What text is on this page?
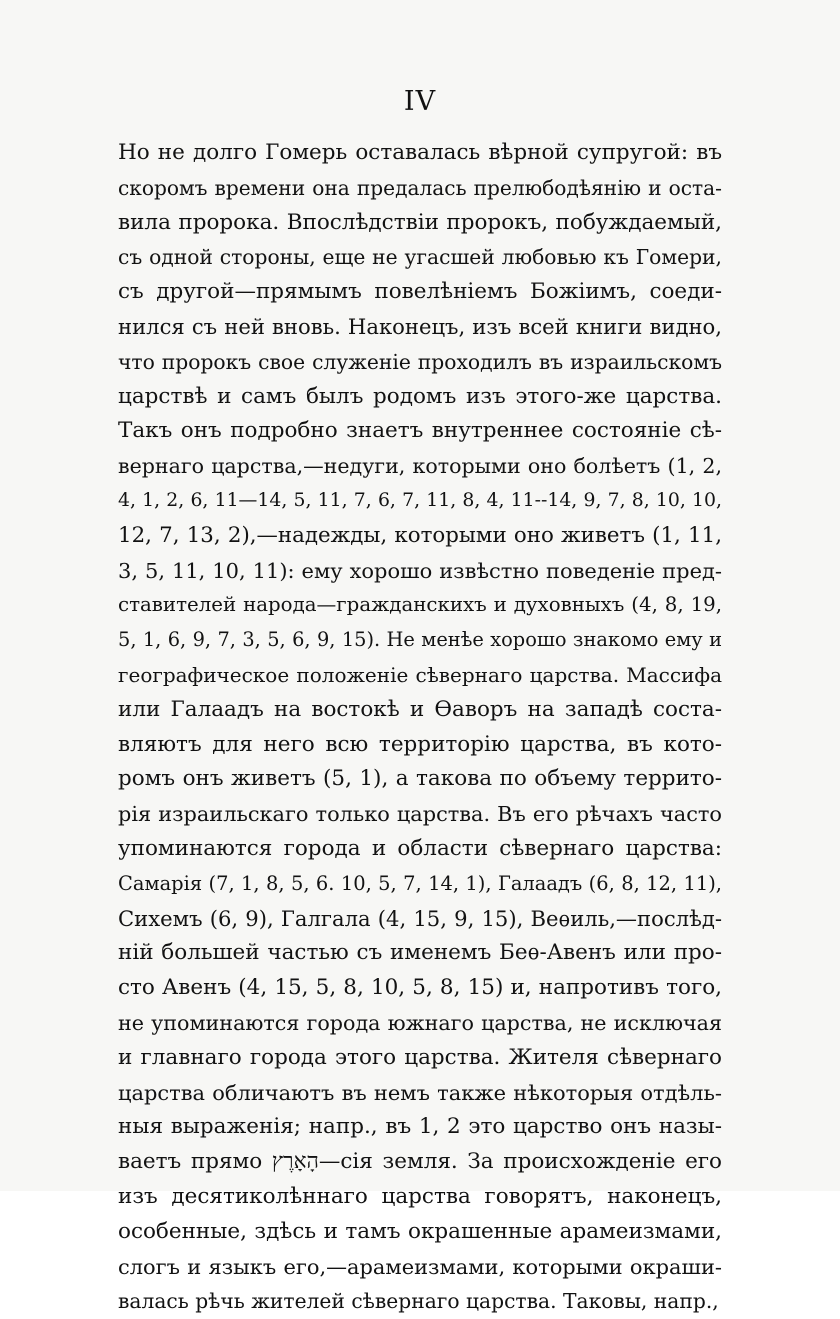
IV
Но не долго Гомерь оставалась вѣрной супругой: въ
скоромъ времени она предалась прелюбодѣянію и оста-
вила пророка. Впослѣдствіи пророкъ, побуждаемый,
съ одной стороны, еще не угасшей любовью къ Гомери,
съ другой—прямымъ повелѣніемъ Божіимъ, соеди-
нился съ ней вновь. Наконецъ, изъ всей книги видно,
что пророкъ свое служеніе проходилъ въ израильскомъ
царствѣ и самъ былъ родомъ изъ этого-же царства.
Такъ онъ подробно знаетъ внутреннее состояніе сѣ-
вернаго царства,—недуги, которыми оно болѣетъ (1, 2,
4, 1, 2, 6, 11—14, 5, 11, 7, 6, 7, 11, 8, 4, 11--14, 9, 7, 8, 10, 10,
12, 7, 13, 2),—надежды, которыми оно живетъ (1, 11,
3, 5, 11, 10, 11): ему хорошо извѣстно поведеніе пред-
ставителей народа—гражданскихъ и духовныхъ (4, 8, 19,
5, 1, 6, 9, 7, 3, 5, 6, 9, 15). Не менѣе хорошо знакомо ему и
географическое положеніе сѣвернаго царства. Массифа
или Галаадъ на востокѣ и Ѳаворъ на западѣ соста-
вляютъ для него всю территорію царства, въ кото-
ромъ онъ живетъ (5, 1), а такова по объему террито-
рія израильскаго только царства. Въ его рѣчахъ часто
упоминаются города и области сѣвернаго царства:
Самарія (7, 1, 8, 5, 6. 10, 5, 7, 14, 1), Галаадъ (6, 8, 12, 11),
Сихемъ (6, 9), Галгала (4, 15, 9, 15), Веѳиль,—послѣд-
ній большей частью съ именемъ Беѳ-Авенъ или про-
сто Авенъ (4, 15, 5, 8, 10, 5, 8, 15) и, напротивъ того,
не упоминаются города южнаго царства, не исключая
и главнаго города этого царства. Жителя сѣвернаго
царства обличаютъ въ немъ также нѣкоторыя отдѣль-
ныя выраженія; напр., въ 1, 2 это царство онъ назы-
ваетъ прямо הָאָרֶץ—сія земля. За происхожденіе его
изъ десятиколѣннаго царства говорятъ, наконецъ,
особенные, здѣсь и тамъ окрашенные арамеизмами,
слогъ и языкъ его,—арамеизмами, которыми окраши-
валась рѣчь жителей сѣвернаго царства. Таковы, напр.,
